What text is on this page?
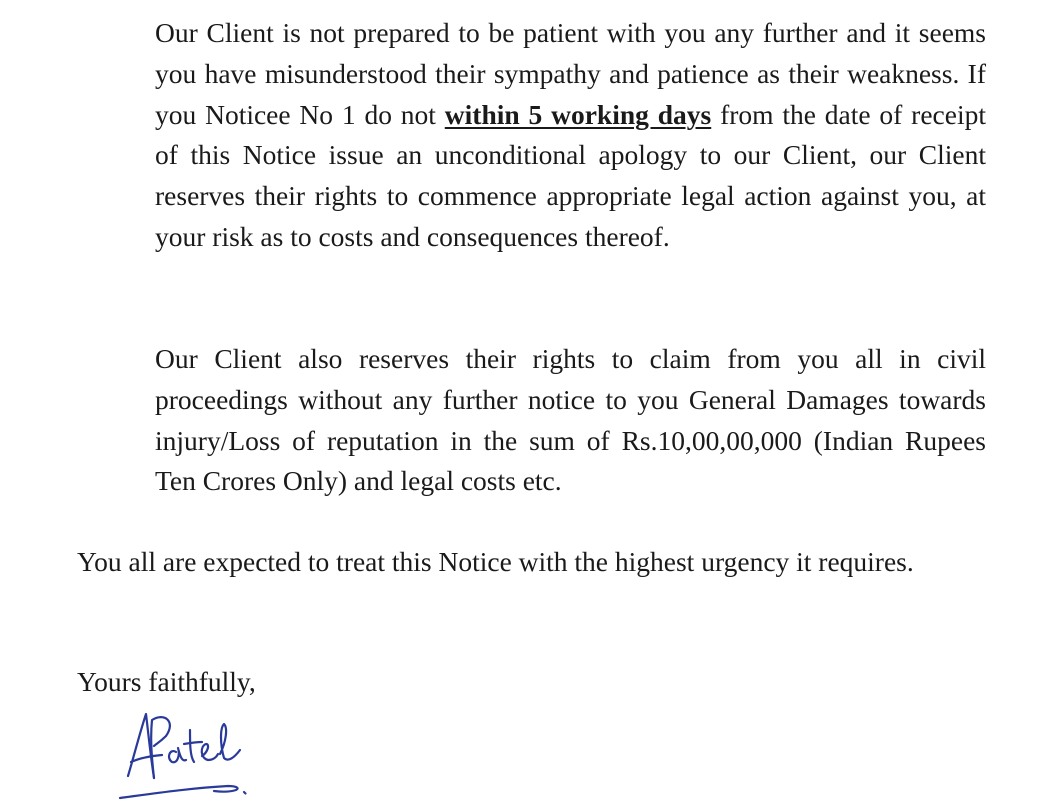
Our Client is not prepared to be patient with you any further and it seems you have misunderstood their sympathy and patience as their weakness. If you Noticee No 1 do not within 5 working days from the date of receipt of this Notice issue an unconditional apology to our Client, our Client reserves their rights to commence appropriate legal action against you, at your risk as to costs and consequences thereof.

Our Client also reserves their rights to claim from you all in civil proceedings without any further notice to you General Damages towards injury/Loss of reputation in the sum of Rs.10,00,00,000 (Indian Rupees Ten Crores Only) and legal costs etc.

You all are expected to treat this Notice with the highest urgency it requires.

Yours faithfully,
